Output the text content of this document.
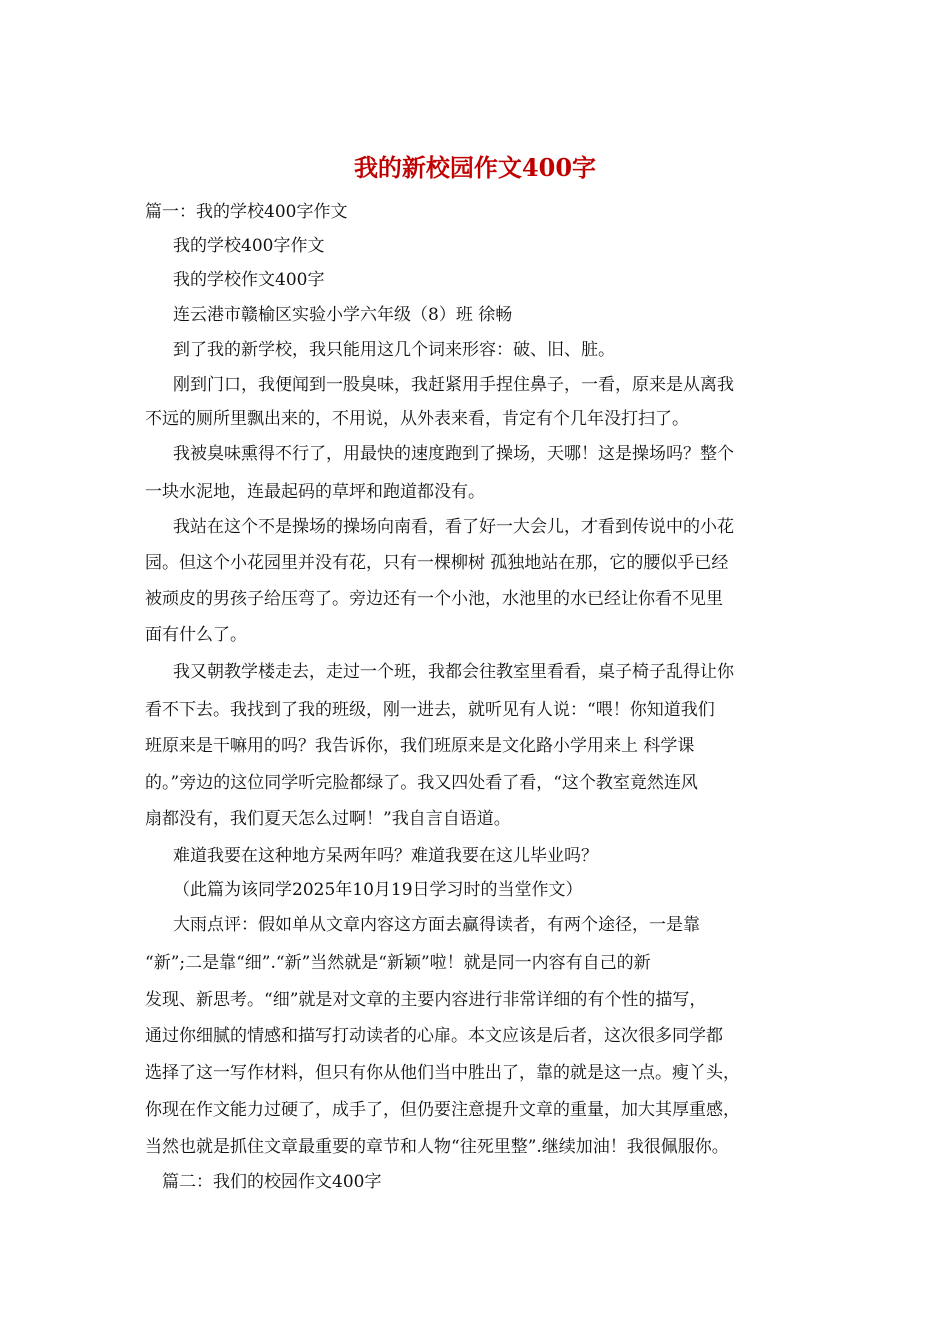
我的新校园作文400字
篇一：我的学校400字作文
我的学校400字作文
我的学校作文400字
连云港市赣榆区实验小学六年级（8）班 徐畅
到了我的新学校，我只能用这几个词来形容：破、旧、脏。
刚到门口，我便闻到一股臭味，我赶紧用手捏住鼻子，一看，原来是从离我
不远的厕所里飘出来的，不用说，从外表来看，肯定有个几年没打扫了。
我被臭味熏得不行了，用最快的速度跑到了操场，天哪！这是操场吗？整个
一块水泥地，连最起码的草坪和跑道都没有。
我站在这个不是操场的操场向南看，看了好一大会儿，才看到传说中的小花
园。但这个小花园里并没有花，只有一棵柳树 孤独地站在那，它的腰似乎已经
被顽皮的男孩子给压弯了。旁边还有一个小池，水池里的水已经让你看不见里
面有什么了。
我又朝教学楼走去，走过一个班，我都会往教室里看看，桌子椅子乱得让你
看不下去。我找到了我的班级，刚一进去，就听见有人说：“喂！你知道我们
班原来是干嘛用的吗？我告诉你，我们班原来是文化路小学用来上 科学课
的。”旁边的这位同学听完脸都绿了。我又四处看了看，“这个教室竟然连风
扇都没有，我们夏天怎么过啊！”我自言自语道。
难道我要在这种地方呆两年吗？难道我要在这儿毕业吗？
（此篇为该同学2025年10月19日学习时的当堂作文）
大雨点评：假如单从文章内容这方面去赢得读者，有两个途径，一是靠
“新”;二是靠“细”.“新”当然就是“新颖”啦！就是同一内容有自己的新
发现、新思考。“细”就是对文章的主要内容进行非常详细的有个性的描写，
通过你细腻的情感和描写打动读者的心扉。本文应该是后者，这次很多同学都
选择了这一写作材料，但只有你从他们当中胜出了，靠的就是这一点。瘦丫头，
你现在作文能力过硬了，成手了，但仍要注意提升文章的重量，加大其厚重感，
当然也就是抓住文章最重要的章节和人物“往死里整”.继续加油！我很佩服你。
篇二：我们的校园作文400字
